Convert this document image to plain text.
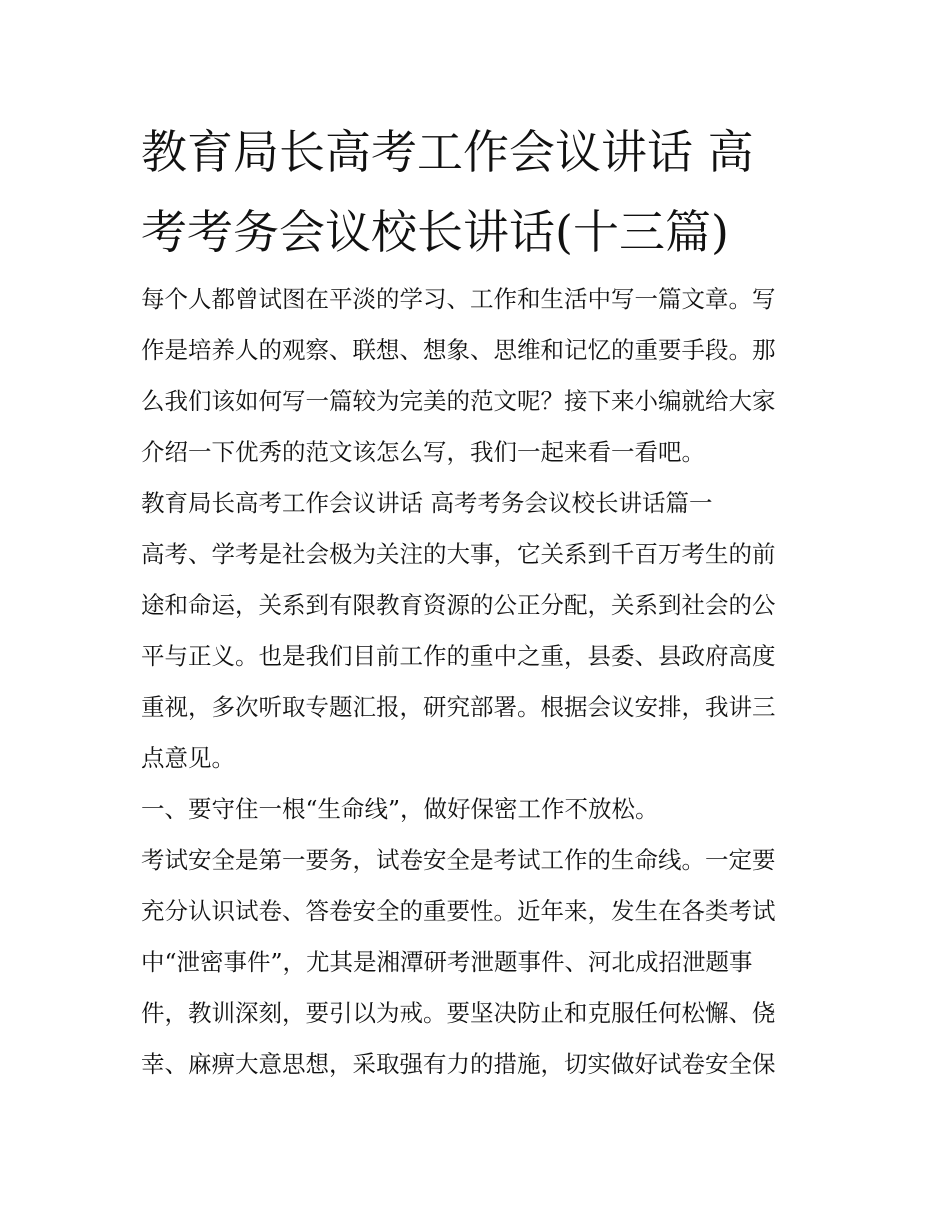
教育局长高考工作会议讲话 高
考考务会议校长讲话(十三篇)
每个人都曾试图在平淡的学习、工作和生活中写一篇文章。写
作是培养人的观察、联想、想象、思维和记忆的重要手段。那
么我们该如何写一篇较为完美的范文呢？接下来小编就给大家
介绍一下优秀的范文该怎么写，我们一起来看一看吧。
教育局长高考工作会议讲话 高考考务会议校长讲话篇一
高考、学考是社会极为关注的大事，它关系到千百万考生的前
途和命运，关系到有限教育资源的公正分配，关系到社会的公
平与正义。也是我们目前工作的重中之重，县委、县政府高度
重视，多次听取专题汇报，研究部署。根据会议安排，我讲三
点意见。
一、要守住一根“生命线”，做好保密工作不放松。
考试安全是第一要务，试卷安全是考试工作的生命线。一定要
充分认识试卷、答卷安全的重要性。近年来，发生在各类考试
中“泄密事件”，尤其是湘潭研考泄题事件、河北成招泄题事
件，教训深刻，要引以为戒。要坚决防止和克服任何松懈、侥
幸、麻痹大意思想，采取强有力的措施，切实做好试卷安全保
